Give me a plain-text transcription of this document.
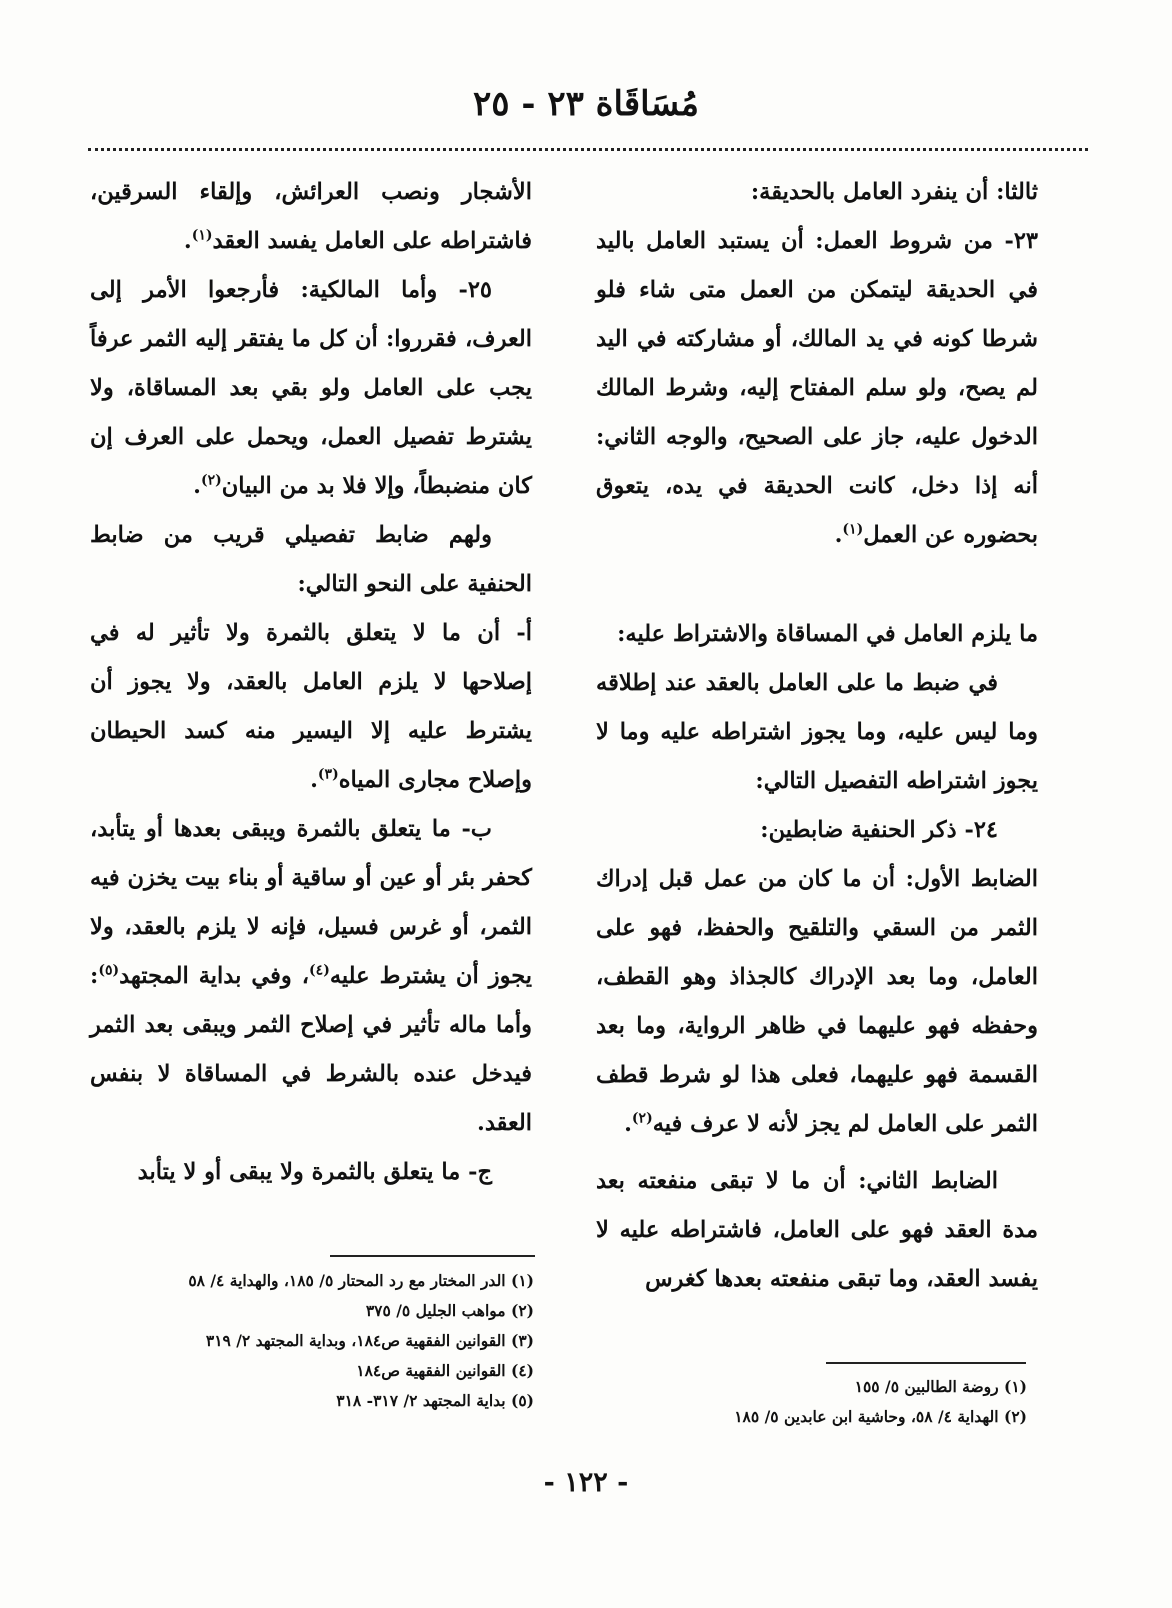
مُسَاقَاة ٢٣ - ٢٥

ثالثا: أن ينفرد العامل بالحديقة:

٢٣- من شروط العمل: أن يستبد العامل باليد في الحديقة ليتمكن من العمل متى شاء فلو شرطا كونه في يد المالك، أو مشاركته في اليد لم يصح، ولو سلم المفتاح إليه، وشرط المالك الدخول عليه، جاز على الصحيح، والوجه الثاني: أنه إذا دخل، كانت الحديقة في يده، يتعوق بحضوره عن العمل$^{(١)}$.

ما يلزم العامل في المساقاة والاشتراط عليه:

في ضبط ما على العامل بالعقد عند إطلاقه وما ليس عليه، وما يجوز اشتراطه عليه وما لا يجوز اشتراطه التفصيل التالي:

٢٤- ذكر الحنفية ضابطين:

الضابط الأول: أن ما كان من عمل قبل إدراك الثمر من السقي والتلقيح والحفظ، فهو على العامل، وما بعد الإدراك كالجذاذ وهو القطف، وحفظه فهو عليهما في ظاهر الرواية، وما بعد القسمة فهو عليهما، فعلى هذا لو شرط قطف الثمر على العامل لم يجز لأنه لا عرف فيه$^{(٢)}$.

الضابط الثاني: أن ما لا تبقى منفعته بعد مدة العقد فهو على العامل، فاشتراطه عليه لا يفسد العقد، وما تبقى منفعته بعدها كغرس

الأشجار ونصب العرائش، وإلقاء السرقين، فاشتراطه على العامل يفسد العقد$^{(١)}$.

٢٥- وأما المالكية: فأرجعوا الأمر إلى العرف، فقرروا: أن كل ما يفتقر إليه الثمر عرفاً يجب على العامل ولو بقي بعد المساقاة، ولا يشترط تفصيل العمل، ويحمل على العرف إن كان منضبطاً، وإلا فلا بد من البيان$^{(٢)}$.

ولهم ضابط تفصيلي قريب من ضابط الحنفية على النحو التالي:

أ- أن ما لا يتعلق بالثمرة ولا تأثير له في إصلاحها لا يلزم العامل بالعقد، ولا يجوز أن يشترط عليه إلا اليسير منه كسد الحيطان وإصلاح مجارى المياه$^{(٣)}$.

ب- ما يتعلق بالثمرة ويبقى بعدها أو يتأبد، كحفر بئر أو عين أو ساقية أو بناء بيت يخزن فيه الثمر، أو غرس فسيل، فإنه لا يلزم بالعقد، ولا يجوز أن يشترط عليه$^{(٤)}$، وفي بداية المجتهد$^{(٥)}$: وأما ماله تأثير في إصلاح الثمر ويبقى بعد الثمر فيدخل عنده بالشرط في المساقاة لا بنفس العقد.

ج- ما يتعلق بالثمرة ولا يبقى أو لا يتأبد

(١) الدر المختار مع رد المحتار ٥/ ١٨٥، والهداية ٤/ ٥٨
(٢) مواهب الجليل ٥/ ٣٧٥
(٣) القوانين الفقهية ص١٨٤، وبداية المجتهد ٢/ ٣١٩
(٤) القوانين الفقهية ص١٨٤
(٥) بداية المجتهد ٢/ ٣١٧- ٣١٨
(١) روضة الطالبين ٥/ ١٥٥
(٢) الهداية ٤/ ٥٨، وحاشية ابن عابدين ٥/ ١٨٥
- ١٢٢ -
